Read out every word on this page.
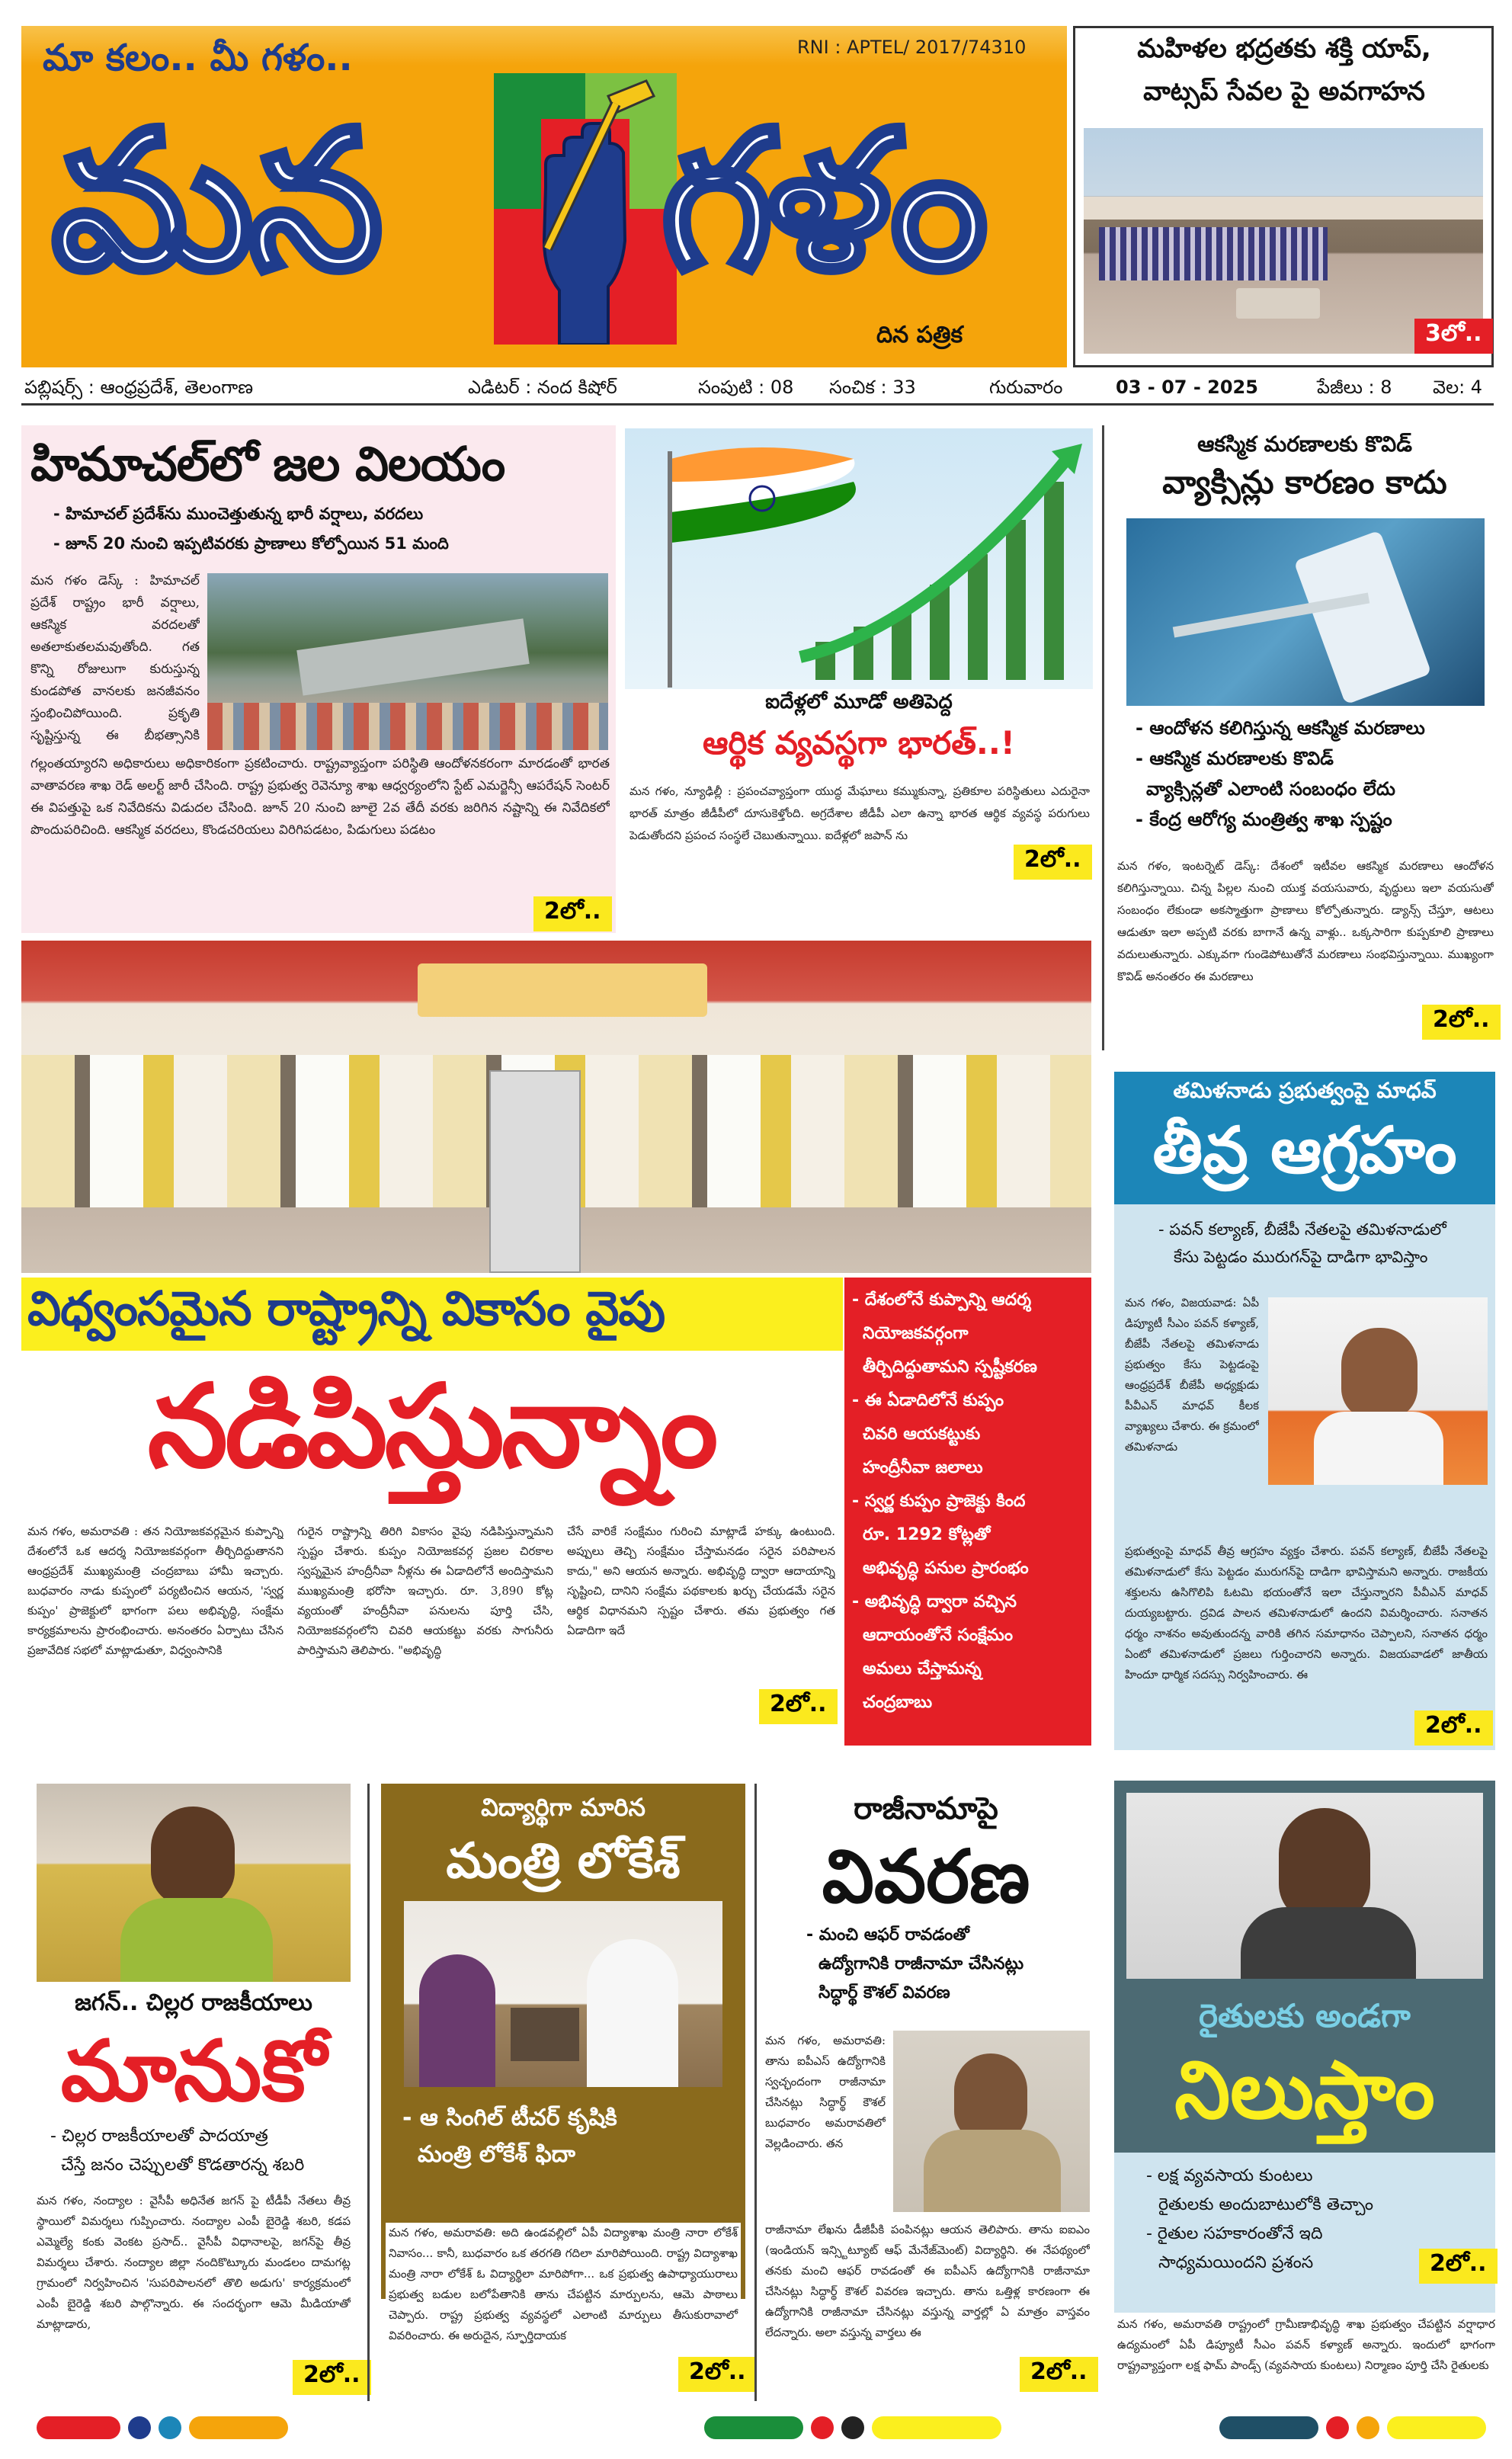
మా కలం.. మీ గళం..	RNI : APTEL/ 2017/74310
మన గళం
దిన పత్రిక
మహిళల భద్రతకు శక్తి యాప్,
వాట్సప్ సేవల పై అవగాహన
3లో..
పబ్లిషర్స్ : ఆంధ్రప్రదేశ్, తెలంగాణ	ఎడిటర్ : నంద కిషోర్	సంపుటి : 08 సంచిక : 33	గురువారం	03 - 07 - 2025	పేజీలు : 8 వెల: 4
హిమాచల్‌లో జల విలయం
- హిమాచల్ ప్రదేశ్‌ను ముంచెత్తుతున్న భారీ వర్షాలు, వరదలు
- జూన్ 20 నుంచి ఇప్పటివరకు ప్రాణాలు కోల్పోయిన 51 మంది
మన గళం డెస్క్ : హిమాచల్ ప్రదేశ్ రాష్ట్రం భారీ వర్షాలు, ఆకస్మిక వరదలతో అతలాకుతలమవుతోంది. గత కొన్ని రోజులుగా కురుస్తున్న కుండపోత వానలకు జనజీవనం స్తంభించిపోయింది. ప్రకృతి సృష్టిస్తున్న ఈ బీభత్సానికి
గల్లంతయ్యారని అధికారులు అధికారికంగా ప్రకటించారు. రాష్ట్రవ్యాప్తంగా పరిస్థితి ఆందోళనకరంగా మారడంతో భారత వాతావరణ శాఖ రెడ్ అలర్ట్ జారీ చేసింది. రాష్ట్ర ప్రభుత్వ రెవెన్యూ శాఖ ఆధ్వర్యంలోని స్టేట్ ఎమర్జెన్సీ ఆపరేషన్ సెంటర్ ఈ విపత్తుపై ఒక నివేదికను విడుదల చేసింది. జూన్ 20 నుంచి జూలై 2వ తేదీ వరకు జరిగిన నష్టాన్ని ఈ నివేదికలో పొందుపరిచింది. ఆకస్మిక వరదలు, కొండచరియలు విరిగిపడటం, పిడుగులు పడటం
2లో..
ఐదేళ్లలో మూడో అతిపెద్ద
ఆర్థిక వ్యవస్థగా భారత్..!
మన గళం, న్యూఢిల్లీ : ప్రపంచవ్యాప్తంగా యుద్ధ మేఘాలు కమ్ముకున్నా, ప్రతికూల పరిస్థితులు ఎదురైనా భారత్ మాత్రం జీడీపీలో దూసుకెళ్తోంది. అగ్రదేశాల జీడీపీ ఎలా ఉన్నా భారత ఆర్థిక వ్యవస్థ పరుగులు పెడుతోందని ప్రపంచ సంస్థలే చెబుతున్నాయి. ఐదేళ్లలో జపాన్ ను
2లో..
ఆకస్మిక మరణాలకు కొవిడ్
వ్యాక్సిన్లు కారణం కాదు
- ఆందోళన కలిగిస్తున్న ఆకస్మిక మరణాలు
- ఆకస్మిక మరణాలకు కొవిడ్
వ్యాక్సిన్లతో ఎలాంటి సంబంధం లేదు
- కేంద్ర ఆరోగ్య మంత్రిత్వ శాఖ స్పష్టం
మన గళం, ఇంటర్నెట్ డెస్క్: దేశంలో ఇటీవల ఆకస్మిక మరణాలు ఆందోళన కలిగిస్తున్నాయి. చిన్న పిల్లల నుంచి యుక్త వయసువారు, వృద్ధులు ఇలా వయసుతో సంబంధం లేకుండా అకస్మాత్తుగా ప్రాణాలు కోల్పోతున్నారు. డ్యాన్స్ చేస్తూ, ఆటలు ఆడుతూ ఇలా అప్పటి వరకు బాగానే ఉన్న వాళ్లు.. ఒక్కసారిగా కుప్పకూలి ప్రాణాలు వదులుతున్నారు. ఎక్కువగా గుండెపోటుతోనే మరణాలు సంభవిస్తున్నాయి. ముఖ్యంగా కొవిడ్ అనంతరం ఈ మరణాలు
2లో..
విధ్వంసమైన రాష్ట్రాన్ని వికాసం వైపు
నడిపిస్తున్నాం
- దేశంలోనే కుప్పాన్ని ఆదర్శ
నియోజకవర్గంగా
తీర్చిదిద్దుతామని స్పష్టీకరణ
- ఈ ఏడాదిలోనే కుప్పం
చివరి ఆయకట్టుకు
హంద్రీనీవా జలాలు
- స్వర్ణ కుప్పం ప్రాజెక్టు కింద
రూ. 1292 కోట్లతో
అభివృద్ధి పనుల ప్రారంభం
- అభివృద్ధి ద్వారా వచ్చిన
ఆదాయంతోనే సంక్షేమం
అమలు చేస్తామన్న
చంద్రబాబు
మన గళం, అమరావతి : తన నియోజకవర్గమైన కుప్పాన్ని దేశంలోనే ఒక ఆదర్శ నియోజకవర్గంగా తీర్చిదిద్దుతానని ఆంధ్రప్రదేశ్ ముఖ్యమంత్రి చంద్రబాబు హామీ ఇచ్చారు. బుధవారం నాడు కుప్పంలో పర్యటించిన ఆయన, 'స్వర్ణ కుప్పం' ప్రాజెక్టులో భాగంగా పలు అభివృద్ధి, సంక్షేమ కార్యక్రమాలను ప్రారంభించారు. అనంతరం ఏర్పాటు చేసిన ప్రజావేదిక సభలో మాట్లాడుతూ, విధ్వంసానికి
గురైన రాష్ట్రాన్ని తిరిగి వికాసం వైపు నడిపిస్తున్నామని స్పష్టం చేశారు. కుప్పం నియోజకవర్గ ప్రజల చిరకాల స్వప్నమైన హంద్రీనీవా నీళ్లను ఈ ఏడాదిలోనే అందిస్తామని ముఖ్యమంత్రి భరోసా ఇచ్చారు. రూ. 3,890 కోట్ల వ్యయంతో హంద్రీనీవా పనులను పూర్తి చేసి, నియోజకవర్గంలోని చివరి ఆయకట్టు వరకు సాగునీరు పారిస్తామని తెలిపారు. "అభివృద్ధి
చేసే వారికే సంక్షేమం గురించి మాట్లాడే హక్కు ఉంటుంది. అప్పులు తెచ్చి సంక్షేమం చేస్తామనడం సరైన పరిపాలన కాదు," అని ఆయన అన్నారు. అభివృద్ధి ద్వారా ఆదాయాన్ని సృష్టించి, దానిని సంక్షేమ పథకాలకు ఖర్చు చేయడమే సరైన ఆర్థిక విధానమని స్పష్టం చేశారు. తమ ప్రభుత్వం గత ఏడాదిగా ఇదే
2లో..
తమిళనాడు ప్రభుత్వంపై మాధవ్
తీవ్ర ఆగ్రహం
- పవన్ కల్యాణ్, బీజేపీ నేతలపై తమిళనాడులో
కేసు పెట్టడం మురుగన్‌పై దాడిగా భావిస్తాం
మన గళం, విజయవాడ: ఏపీ డిప్యూటీ సీఎం పవన్ కళ్యాణ్, బీజేపీ నేతలపై తమిళనాడు ప్రభుత్వం కేసు పెట్టడంపై ఆంధ్రప్రదేశ్ బీజేపీ అధ్యక్షుడు పీవీఎన్ మాధవ్ కీలక వ్యాఖ్యలు చేశారు. ఈ క్రమంలో తమిళనాడు
ప్రభుత్వంపై మాధవ్ తీవ్ర ఆగ్రహం వ్యక్తం చేశారు. పవన్ కల్యాణ్, బీజేపీ నేతలపై తమిళనాడులో కేసు పెట్టడం మురుగన్‌పై దాడిగా భావిస్తామని అన్నారు. రాజకీయ శక్తులను ఉసిగొలిపి ఓటమి భయంతోనే ఇలా చేస్తున్నారని పీవీఎన్ మాధవ్ దుయ్యబట్టారు. ద్రవిడ పాలన తమిళనాడులో ఉందని విమర్శించారు. సనాతన ధర్మం నాశనం అవుతుందన్న వారికి తగిన సమాధానం చెప్పాలని, సనాతన ధర్మం ఏంటో తమిళనాడులో ప్రజలు గుర్తించారని అన్నారు. విజయవాడలో జాతీయ హిందూ ధార్మిక సదస్సు నిర్వహించారు. ఈ
2లో..
జగన్.. చిల్లర రాజకీయాలు
మానుకో
- చిల్లర రాజకీయాలతో పాదయాత్ర
చేస్తే జనం చెప్పులతో కొడతారన్న శబరి
మన గళం, నంద్యాల : వైసీపీ అధినేత జగన్ పై టీడీపీ నేతలు తీవ్ర స్థాయిలో విమర్శలు గుప్పించారు. నంద్యాల ఎంపీ బైరెడ్డి శబరి, కడప ఎమ్మెల్యే కంకు వెంకట ప్రసాద్.. వైసీపీ విధానాలపై, జగన్‌పై తీవ్ర విమర్శలు చేశారు. నంద్యాల జిల్లా నందికొట్కూరు మండలం దామగట్ల గ్రామంలో నిర్వహించిన 'సుపరిపాలనలో తొలి అడుగు' కార్యక్రమంలో ఎంపీ బైరెడ్డి శబరి పాల్గొన్నారు. ఈ సందర్భంగా ఆమె మీడియాతో మాట్లాడారు,
2లో..
విద్యార్థిగా మారిన
మంత్రి లోకేశ్
- ఆ సింగిల్ టీచర్ కృషికి
మంత్రి లోకేశ్ ఫిదా
మన గళం, అమరావతి: అది ఉండవల్లిలో ఏపీ విద్యాశాఖ మంత్రి నారా లోకేశ్ నివాసం... కానీ, బుధవారం ఒక తరగతి గదిలా మారిపోయింది. రాష్ట్ర విద్యాశాఖ మంత్రి నారా లోకేశ్ ఓ విద్యార్థిలా మారిపోగా... ఒక ప్రభుత్వ ఉపాధ్యాయురాలు ప్రభుత్వ బడుల బలోపేతానికి తాను చేపట్టిన మార్పులను, ఆమె పాఠాలు చెప్పారు. రాష్ట్ర ప్రభుత్వ వ్యవస్థలో ఎలాంటి మార్పులు తీసుకురావాలో వివరించారు. ఈ అరుదైన, స్ఫూర్తిదాయక
2లో..
రాజీనామాపై
వివరణ
- మంచి ఆఫర్ రావడంతో
ఉద్యోగానికి రాజీనామా చేసినట్లు
సిద్ధార్థ్ కౌశల్ వివరణ
మన గళం, అమరావతి: తాను ఐపీఎస్ ఉద్యోగానికి స్వచ్ఛందంగా రాజీనామా చేసినట్లు సిద్ధార్థ్ కౌశల్ బుధవారం అమరావతిలో వెల్లడించారు. తన
రాజీనామా లేఖను డీజీపీకి పంపినట్లు ఆయన తెలిపారు. తాను ఐఐఎం (ఇండియన్ ఇన్స్టిట్యూట్ ఆఫ్ మేనేజ్‌మెంట్) విద్యార్థిని. ఈ నేపథ్యంలో తనకు మంచి ఆఫర్ రావడంతో ఈ ఐపీఎస్ ఉద్యోగానికి రాజీనామా చేసినట్లు సిద్ధార్థ్ కౌశల్ వివరణ ఇచ్చారు. తాను ఒత్తిళ్ల కారణంగా ఈ ఉద్యోగానికి రాజీనామా చేసినట్లు వస్తున్న వార్తల్లో ఏ మాత్రం వాస్తవం లేదన్నారు. అలా వస్తున్న వార్తలు ఈ
2లో..
రైతులకు అండగా
నిలుస్తాం
- లక్ష వ్యవసాయ కుంటలు
రైతులకు అందుబాటులోకి తెచ్చాం
- రైతుల సహకారంతోనే ఇది
సాధ్యమయిందని ప్రశంస	2లో..
మన గళం, అమరావతి రాష్ట్రంలో గ్రామీణాభివృద్ధి శాఖ ప్రభుత్వం చేపట్టిన వర్షాధార ఉద్యమంలో ఏపీ డిప్యూటీ సీఎం పవన్ కళ్యాణ్ అన్నారు. ఇందులో భాగంగా రాష్ట్రవ్యాప్తంగా లక్ష ఫామ్ పాండ్స్ (వ్యవసాయ కుంటలు) నిర్మాణం పూర్తి చేసి రైతులకు
